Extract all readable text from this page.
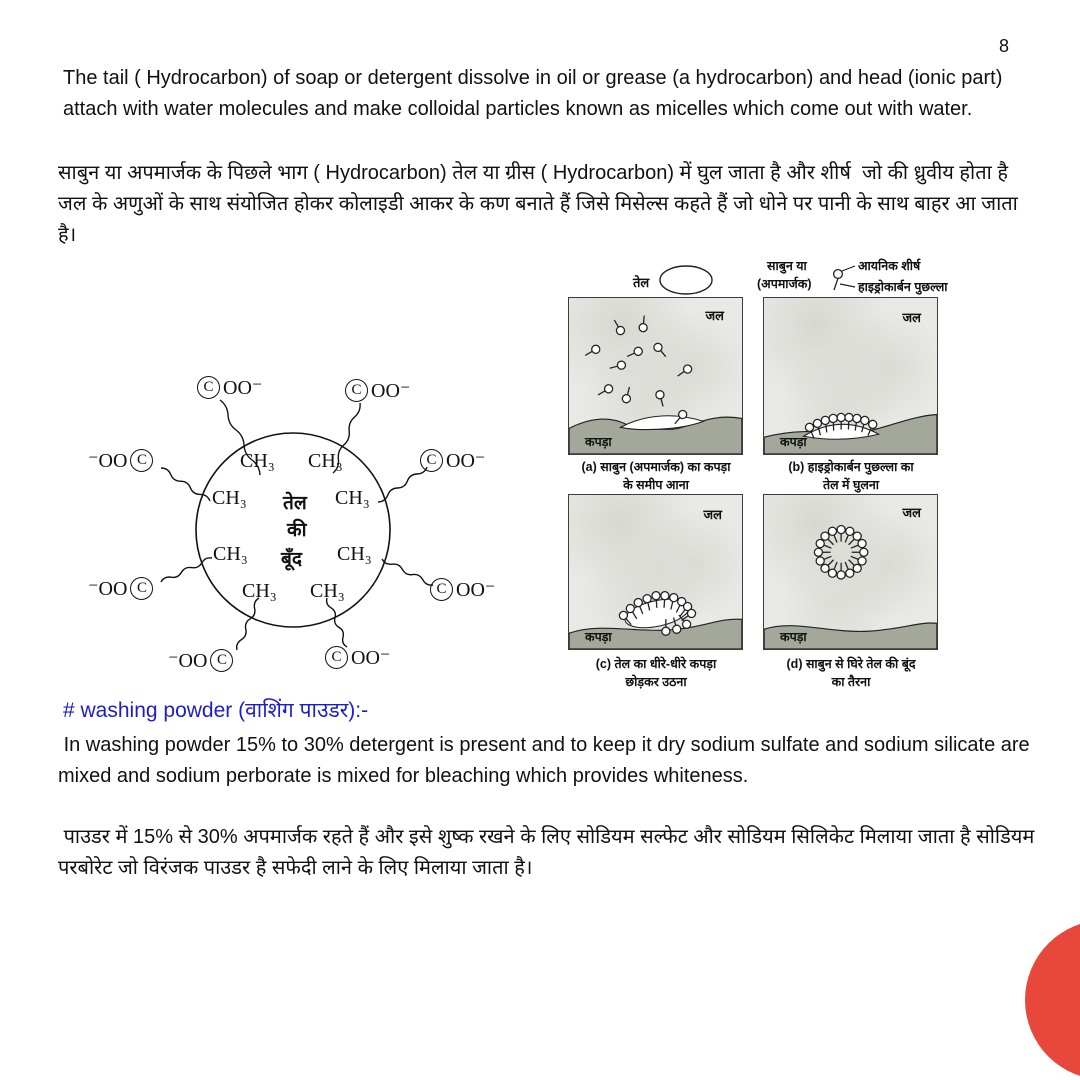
8
The tail ( Hydrocarbon) of soap or detergent dissolve in oil or grease (a hydrocarbon) and head (ionic part) attach with water molecules and make colloidal particles known as micelles which come out with water.
साबुन या अपमार्जक के पिछले भाग ( Hydrocarbon) तेल या ग्रीस ( Hydrocarbon) में घुल जाता है और शीर्ष  जो की ध्रुवीय होता है जल के अणुओं के साथ संयोजित होकर कोलाइडी आकर के कण बनाते हैं जिसे मिसेल्स कहते हैं जो धोने पर पानी के साथ बाहर आ जाता है।
C OO⁻	C OO⁻
C OO⁻
C OO⁻
C OO⁻
⁻OO C
⁻OO C
⁻OO C
CH₃ CH₃
CH₃	CH₃
CH₃	CH₃
CH₃ CH₃
तेल
की
बूँद
तेल
साबुन या
(अपमार्जक)
आयनिक शीर्ष
हाइड्रोकार्बन पुछल्ला
जल
कपड़ा
(a) साबुन (अपमार्जक) का कपड़ा
के समीप आना
जल
कपड़ा
(b) हाइड्रोकार्बन पुछल्ला का
तेल में घुलना
जल
कपड़ा
(c) तेल का धीरे-धीरे कपड़ा
छोड़कर उठना
जल
कपड़ा
(d) साबुन से घिरे तेल की बूंद
का तैरना
# washing powder (वाशिंग पाउडर):-
In washing powder 15% to 30% detergent is present and to keep it dry sodium sulfate and sodium silicate are mixed and sodium perborate is mixed for bleaching which provides whiteness.
पाउडर में 15% से 30% अपमार्जक रहते हैं और इसे शुष्क रखने के लिए सोडियम सल्फेट और सोडियम सिलिकेट मिलाया जाता है सोडियम परबोरेट जो विरंजक पाउडर है सफेदी लाने के लिए मिलाया जाता है।
